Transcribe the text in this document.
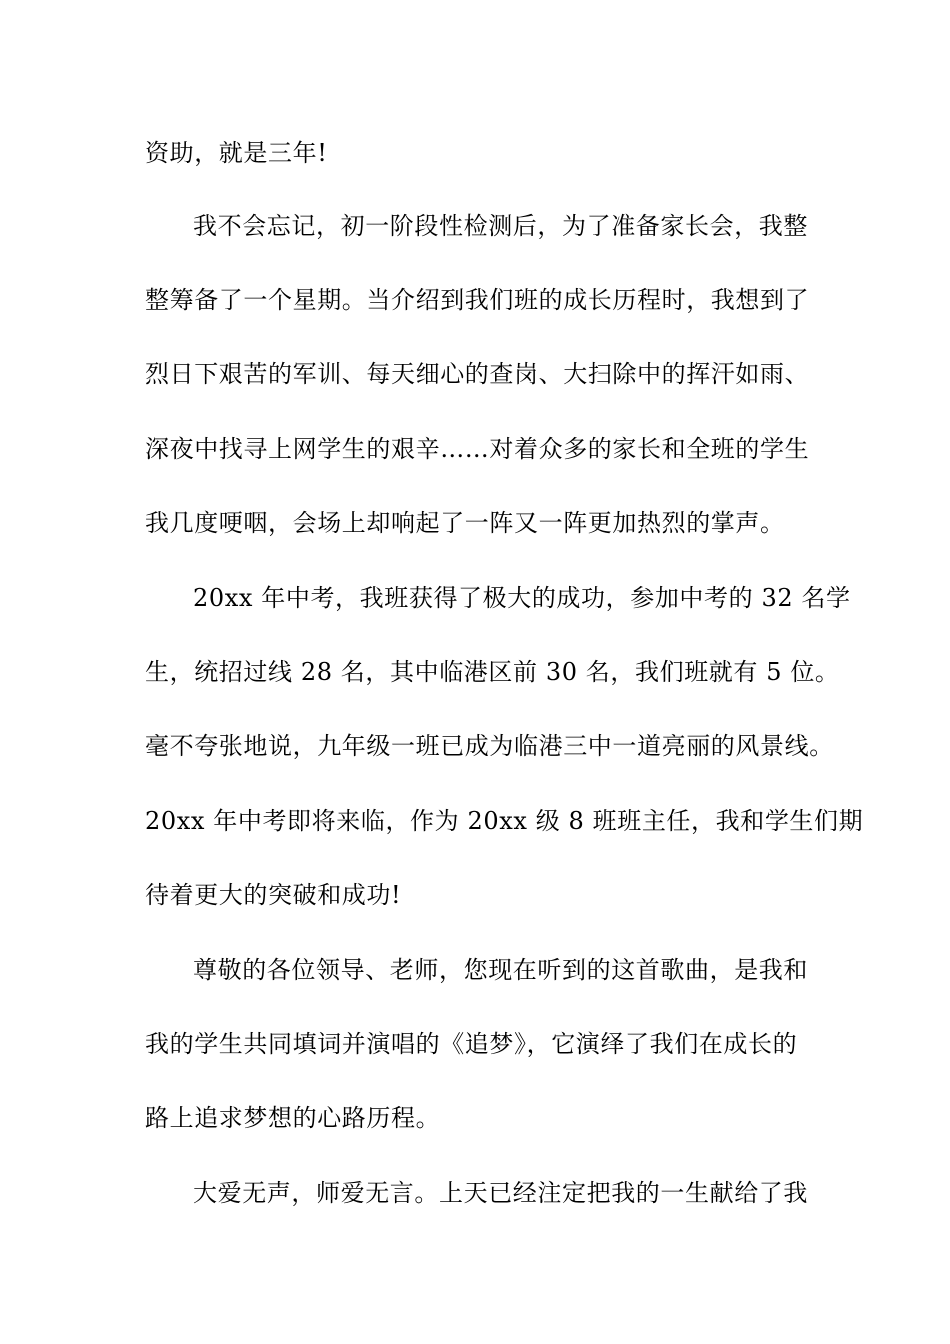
资助，就是三年!
我不会忘记，初一阶段性检测后，为了准备家长会，我整
整筹备了一个星期。当介绍到我们班的成长历程时，我想到了
烈日下艰苦的军训、每天细心的查岗、大扫除中的挥汗如雨、
深夜中找寻上网学生的艰辛……对着众多的家长和全班的学生
我几度哽咽，会场上却响起了一阵又一阵更加热烈的掌声。
20xx 年中考，我班获得了极大的成功，参加中考的 32 名学
生，统招过线 28 名，其中临港区前 30 名，我们班就有 5 位。
毫不夸张地说，九年级一班已成为临港三中一道亮丽的风景线。
20xx 年中考即将来临，作为 20xx 级 8 班班主任，我和学生们期
待着更大的突破和成功!
尊敬的各位领导、老师，您现在听到的这首歌曲，是我和
我的学生共同填词并演唱的《追梦》，它演绎了我们在成长的
路上追求梦想的心路历程。
大爱无声，师爱无言。上天已经注定把我的一生献给了我
